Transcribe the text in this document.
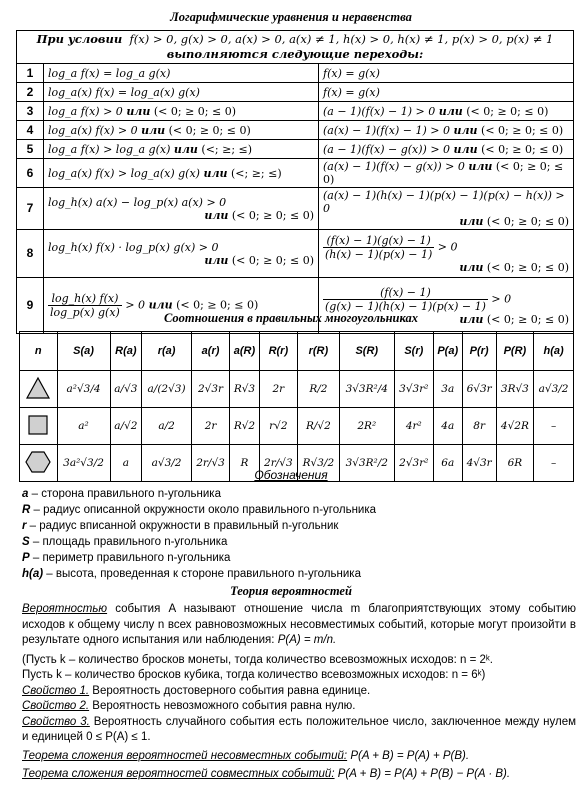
Логарифмические уравнения и неравенства
При условии f(x) > 0, g(x) > 0, a(x) > 0, a(x) ≠ 1, h(x) > 0, h(x) ≠ 1, p(x) > 0, p(x) ≠ 1
выполняются следующие переходы:		
1	log_a f(x) = log_a g(x)	f(x) = g(x)
2	log_a(x) f(x) = log_a(x) g(x)	f(x) = g(x)
3	log_a f(x) > 0 или (< 0; ≥ 0; ≤ 0)	(a − 1)(f(x) − 1) > 0 или (< 0; ≥ 0; ≤ 0)
4	log_a(x) f(x) > 0 или (< 0; ≥ 0; ≤ 0)	(a(x) − 1)(f(x) − 1) > 0 или (< 0; ≥ 0; ≤ 0)
5	log_a f(x) > log_a g(x) или (<; ≥; ≤)	(a − 1)(f(x) − g(x)) > 0 или (< 0; ≥ 0; ≤ 0)
6	log_a(x) f(x) > log_a(x) g(x) или (<; ≥; ≤)	(a(x) − 1)(f(x) − g(x)) > 0 или (< 0; ≥ 0; ≤ 0)
7	log_h(x) a(x) − log_p(x) a(x) > 0
или (< 0; ≥ 0; ≤ 0)	(a(x) − 1)(h(x) − 1)(p(x) − 1)(p(x) − h(x)) > 0
или (< 0; ≥ 0; ≤ 0)

8	log_h(x) f(x) · log_p(x) g(x) > 0
или (< 0; ≥ 0; ≤ 0)	$\frac{(f(x) - 1)(g(x) - 1)}{(h(x) - 1)(p(x) - 1)} > 0$
или (< 0; ≥ 0; ≤ 0)

9	$\frac{\log\_h(x) f(x)}{\log\_p(x) g(x)} > 0$ или (< 0; ≥ 0; ≤ 0)	$\frac{(f(x) - 1)}{(g(x) - 1)(h(x) - 1)(p(x) - 1)} > 0$
или (< 0; ≥ 0; ≤ 0)
Соотношения в правильных многоугольниках
n	S(a)	R(a)	r(a)	a(r)	a(R)	R(r)	r(R)	S(R)	S(r)	P(a)	P(r)	P(R)	h(a)
	a²√3/4	a/√3	a/(2√3)	2√3r	R√3	2r	R/2	3√3R²/4	3√3r²	3a	6√3r	3R√3	a√3/2
	a²	a/√2	a/2	2r	R√2	r√2	R/√2	2R²	4r²	4a	8r	4√2R	–
	3a²√3/2	a	a√3/2	2r/√3	R	2r/√3	R√3/2	3√3R²/2	2√3r²	6a	4√3r	6R	–
Обозначения
a – сторона правильного n-угольника
R – радиус описанной окружности около правильного n-угольника
r – радиус вписанной окружности в правильный n-угольник
S – площадь правильного n-угольника
P – периметр правильного n-угольника
h(a) – высота, проведенная к стороне правильного n-угольника
Теория вероятностей

Вероятностью события A называют отношение числа m благоприятствующих этому событию исходов к общему числу n всех равновозможных несовместимых событий, которые могут произойти в результате одного испытания или наблюдения: P(A) = m/n.

(Пусть k – количество бросков монеты, тогда количество всевозможных исходов: n = 2ᵏ.

Пусть k – количество бросков кубика, тогда количество всевозможных исходов: n = 6ᵏ)

Свойство 1. Вероятность достоверного события равна единице.

Свойство 2. Вероятность невозможного события равна нулю.

Свойство 3. Вероятность случайного события есть положительное число, заключенное между нулем и единицей 0 ≤ P(A) ≤ 1.

Теорема сложения вероятностей несовместных событий: P(A + B) = P(A) + P(B).

Теорема сложения вероятностей совместных событий: P(A + B) = P(A) + P(B) − P(A · B).
